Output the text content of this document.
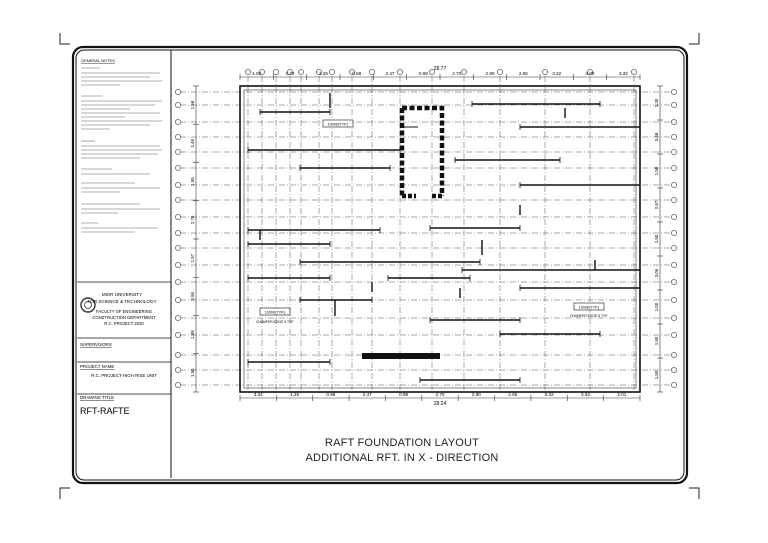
GENERAL NOTES
MISR UNIVERSITY
FOR SCIENCE & TECHNOLOGY
FACULTY OF ENGINEERING
CONSTRUCTION DEPARTMENT
R.C. PROJECT 2020
SUPERVISORS
PROJECT NAME
R.C. PROJECT-HIGH RISE UNIT
DRAWING TITLE
RFT-RAFTE
1000D(TYP.)
1000D(TYP.)
CHAMFER EDGE 5 TYP.
1000D(TYP.)
CHAMFER EDGE 5 TYP.
1.00	2.79	1.28	0.98	2.47	0.99	2.70	2.90	2.65	3.32	3.08	3.32
3.34	1.28	0.98	2.47	0.99	2.70	2.90	2.65	3.32	3.32	2.01
1.58
3.48
1.55
2.76
1.57
3.96
1.88
1.50
1.30
3.48
1.50
2.87
1.50
3.06
1.00
1.80
1.50
28.77
28.24
RAFT FOUNDATION LAYOUT
ADDITIONAL RFT. IN X - DIRECTION
